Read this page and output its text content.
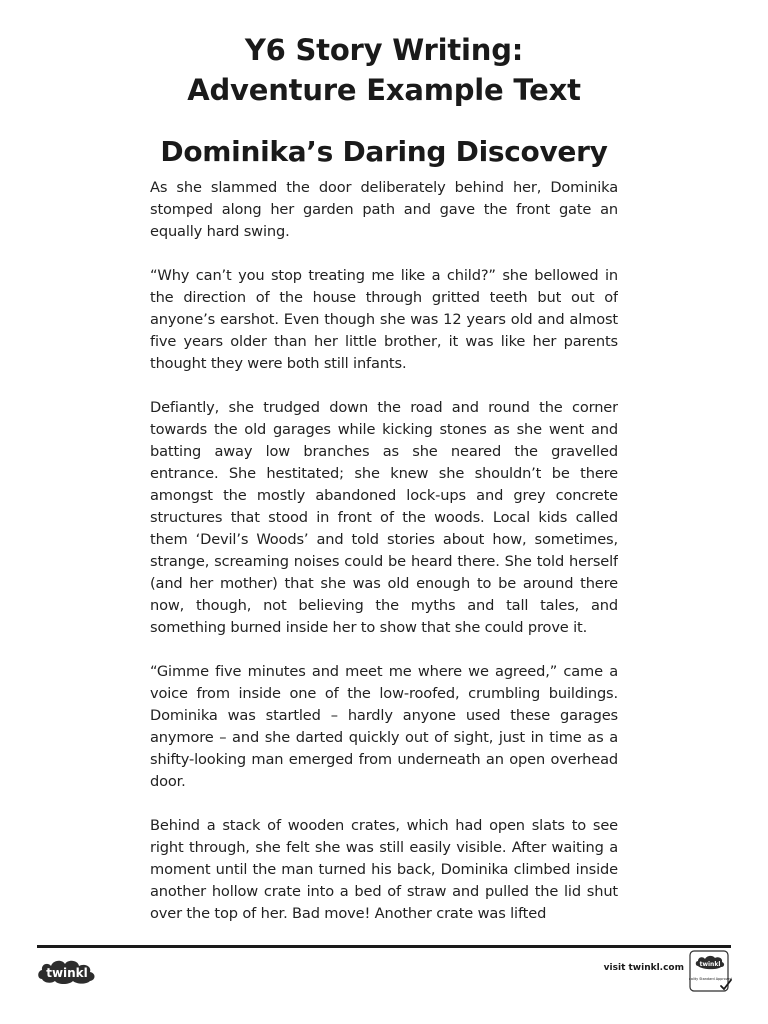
Y6 Story Writing:
Adventure Example Text
Dominika’s Daring Discovery

As she slammed the door deliberately behind her, Dominika stomped along her garden path and gave the front gate an equally hard swing.

“Why can’t you stop treating me like a child?” she bellowed in the direction of the house through gritted teeth but out of anyone’s earshot. Even though she was 12 years old and almost five years older than her little brother, it was like her parents thought they were both still infants.

Defiantly, she trudged down the road and round the corner towards the old garages while kicking stones as she went and batting away low branches as she neared the gravelled entrance. She hestitated; she knew she shouldn’t be there amongst the mostly abandoned lock-ups and grey concrete structures that stood in front of the woods. Local kids called them ‘Devil’s Woods’ and told stories about how, sometimes, strange, screaming noises could be heard there. She told herself (and her mother) that she was old enough to be around there now, though, not believing the myths and tall tales, and something burned inside her to show that she could prove it.

“Gimme five minutes and meet me where we agreed,” came a voice from inside one of the low-roofed, crumbling buildings. Dominika was startled – hardly anyone used these garages anymore – and she darted quickly out of sight, just in time as a shifty-looking man emerged from underneath an open overhead door.

Behind a stack of wooden crates, which had open slats to see right through, she felt she was still easily visible. After waiting a moment until the man turned his back, Dominika climbed inside another hollow crate into a bed of straw and pulled the lid shut over the top of her. Bad move! Another crate was lifted

twinkl	visit twinkl.com	twinkl
Quality Standard Approved
